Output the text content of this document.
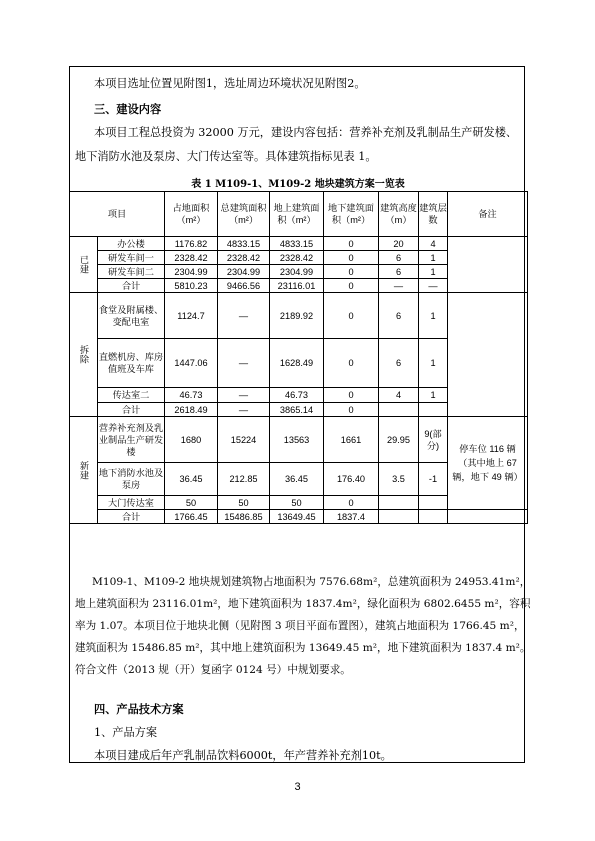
本项目选址位置见附图1，选址周边环境状况见附图2。
三、建设内容
本项目工程总投资为 32000 万元，建设内容包括：营养补充剂及乳制品生产研发楼、
地下消防水池及泵房、大门传达室等。具体建筑指标见表 1。
表 1 M109-1、M109-2 地块建筑方案一览表
项目		占地面积（m²）	总建筑面积（m²）	地上建筑面积（m²）	地下建筑面积（m²）	建筑高度（m）	建筑层数	备注
已建	办公楼	1176.82	4833.15	4833.15	0	20	4	
	研发车间一	2328.42	2328.42	2328.42	0	6	1	
	研发车间二	2304.99	2304.99	2304.99	0	6	1	
	合计	5810.23	9466.56	23116.01	0	—	—	
拆除	食堂及附属楼、变配电室	1124.7	—	2189.92	0	6	1	
	直燃机房、库房值班及车库	1447.06	—	1628.49	0	6	1	
	传达室二	46.73	—	46.73	0	4	1	
	合计	2618.49	—	3865.14	0			
新建	营养补充剂及乳业制品生产研发楼	1680	15224	13563	1661	29.95	9(部分)	停车位 116 辆（其中地上 67 辆，地下 49 辆）
	地下消防水池及泵房	36.45	212.85	36.45	176.40	3.5	-1	
	大门传达室	50	50	50	0			
	合计	1766.45	15486.85	13649.45	1837.4			
M109-1、M109-2 地块规划建筑物占地面积为 7576.68m²，总建筑面积为 24953.41m²，
地上建筑面积为 23116.01m²，地下建筑面积为 1837.4m²，绿化面积为 6802.6455 m²，容积
率为 1.07。本项目位于地块北侧（见附图 3 项目平面布置图），建筑占地面积为 1766.45 m²，
建筑面积为 15486.85 m²，其中地上建筑面积为 13649.45 m²，地下建筑面积为 1837.4 m²。
符合文件（2013 规（开）复函字 0124 号）中规划要求。
四、产品技术方案
1、产品方案
本项目建成后年产乳制品饮料6000t，年产营养补充剂10t。
3
